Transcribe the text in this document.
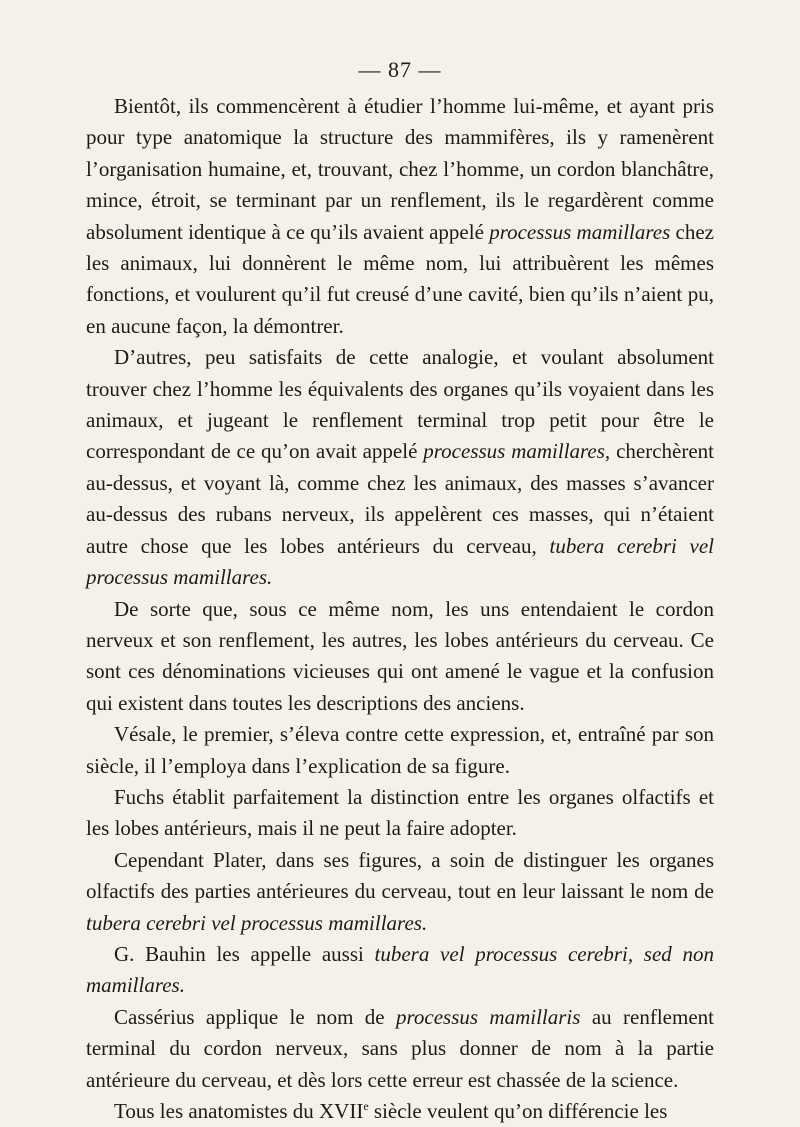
— 87 —

Bientôt, ils commencèrent à étudier l’homme lui-même, et ayant pris pour type anatomique la structure des mammifères, ils y ramenèrent l’organisation humaine, et, trouvant, chez l’homme, un cordon blanchâtre, mince, étroit, se terminant par un renflement, ils le regardèrent comme absolument identique à ce qu’ils avaient appelé processus mamillares chez les animaux, lui donnèrent le même nom, lui attribuèrent les mêmes fonctions, et voulurent qu’il fut creusé d’une cavité, bien qu’ils n’aient pu, en aucune façon, la démontrer.

D’autres, peu satisfaits de cette analogie, et voulant absolument trouver chez l’homme les équivalents des organes qu’ils voyaient dans les animaux, et jugeant le renflement terminal trop petit pour être le correspondant de ce qu’on avait appelé processus mamillares, cherchèrent au-dessus, et voyant là, comme chez les animaux, des masses s’avancer au-dessus des rubans nerveux, ils appelèrent ces masses, qui n’étaient autre chose que les lobes antérieurs du cerveau, tubera cerebri vel processus mamillares.

De sorte que, sous ce même nom, les uns entendaient le cordon nerveux et son renflement, les autres, les lobes antérieurs du cerveau. Ce sont ces dénominations vicieuses qui ont amené le vague et la confusion qui existent dans toutes les descriptions des anciens.

Vésale, le premier, s’éleva contre cette expression, et, entraîné par son siècle, il l’employa dans l’explication de sa figure.

Fuchs établit parfaitement la distinction entre les organes olfactifs et les lobes antérieurs, mais il ne peut la faire adopter.

Cependant Plater, dans ses figures, a soin de distinguer les organes olfactifs des parties antérieures du cerveau, tout en leur laissant le nom de tubera cerebri vel processus mamillares.

G. Bauhin les appelle aussi tubera vel processus cerebri, sed non mamillares.

Cassérius applique le nom de processus mamillaris au renflement terminal du cordon nerveux, sans plus donner de nom à la partie antérieure du cerveau, et dès lors cette erreur est chassée de la science.

Tous les anatomistes du XVIIe siècle veulent qu’on différencie les
